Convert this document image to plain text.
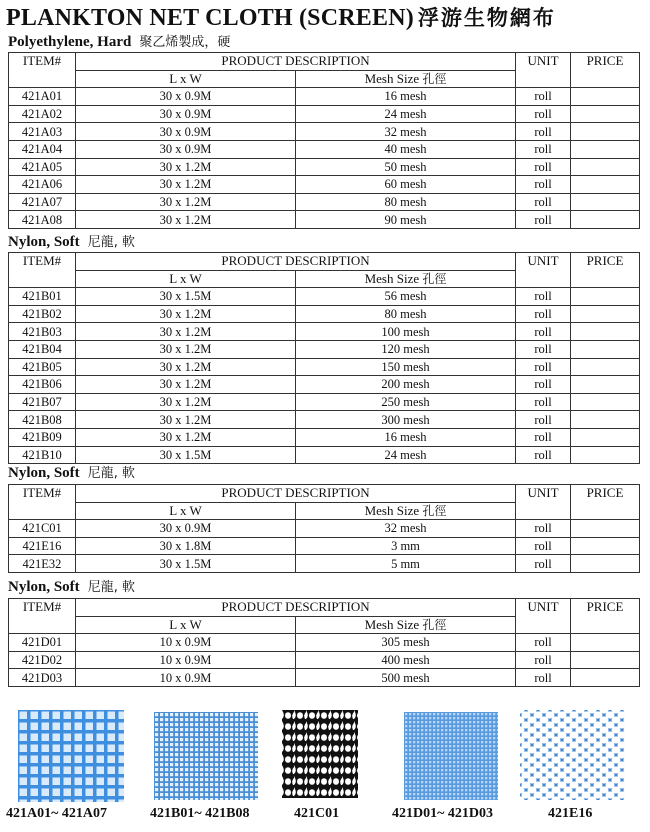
PLANKTON NET CLOTH (SCREEN) 浮游生物網布
Polyethylene, Hard 聚乙烯製成，硬
ITEM#	PRODUCT DESCRIPTION		UNIT	PRICE
	L x W	Mesh Size 孔徑		
421A01	30 x 0.9M	16 mesh	roll	
421A02	30 x 0.9M	24 mesh	roll	
421A03	30 x 0.9M	32 mesh	roll	
421A04	30 x 0.9M	40 mesh	roll	
421A05	30 x 1.2M	50 mesh	roll	
421A06	30 x 1.2M	60 mesh	roll	
421A07	30 x 1.2M	80 mesh	roll	
421A08	30 x 1.2M	90 mesh	roll	
Nylon, Soft 尼龍, 軟
ITEM#	PRODUCT DESCRIPTION		UNIT	PRICE
	L x W	Mesh Size 孔徑		
421B01	30 x 1.5M	56 mesh	roll	
421B02	30 x 1.2M	80 mesh	roll	
421B03	30 x 1.2M	100 mesh	roll	
421B04	30 x 1.2M	120 mesh	roll	
421B05	30 x 1.2M	150 mesh	roll	
421B06	30 x 1.2M	200 mesh	roll	
421B07	30 x 1.2M	250 mesh	roll	
421B08	30 x 1.2M	300 mesh	roll	
421B09	30 x 1.2M	16 mesh	roll	
421B10	30 x 1.5M	24 mesh	roll	
Nylon, Soft 尼龍, 軟
ITEM#	PRODUCT DESCRIPTION		UNIT	PRICE
	L x W	Mesh Size 孔徑		
421C01	30 x 0.9M	32 mesh	roll	
421E16	30 x 1.8M	3 mm	roll	
421E32	30 x 1.5M	5 mm	roll	
Nylon, Soft 尼龍, 軟
ITEM#	PRODUCT DESCRIPTION		UNIT	PRICE
	L x W	Mesh Size 孔徑		
421D01	10 x 0.9M	305 mesh	roll	
421D02	10 x 0.9M	400 mesh	roll	
421D03	10 x 0.9M	500 mesh	roll	
421A01~ 421A07	421B01~ 421B08	421C01	421D01~ 421D03	421E16
